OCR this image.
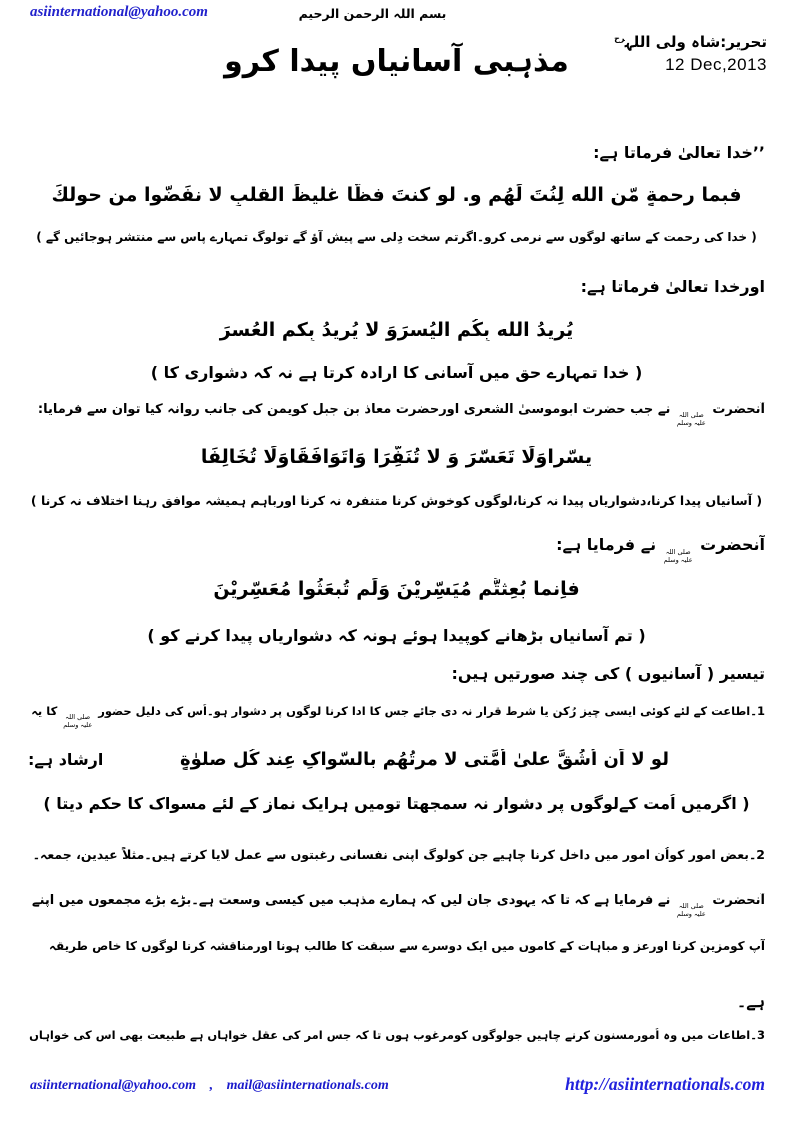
asiinternational@yahoo.com	بسم اللہ الرحمن الرحیم
تحریر:شاہ ولی اللہ$^{رح}$
12 Dec,2013
مذہبی آسانیاں پیدا کرو
’’خدا تعالیٰ فرماتا ہے:
فبما رحمةٍ مّن الله لِنُتَ لَهُم و. لو كنتَ فظًّا غليظَ القلبِ لا نفَضّوا من حولكَ
( خدا کی رحمت کے ساتھ لوگوں سے نرمی کرو۔اگرتم سخت دِلی سے پیش آؤ گے تولوگ تمہارے پاس سے منتشر ہوجائیں گے )
اورخدا تعالیٰ فرماتا ہے:
يُريدُ الله بِكُم اليُسرَوَ لا يُريدُ بِكم العُسرَ
( خدا تمہارے حق میں آسانی کا ارادہ کرتا ہے نہ کہ دشواری کا )
آنحضرت
صلی اللہ
علیہ وسلم
نے جب حضرت ابوموسیٰ الشعری اورحضرت معاذ بن جبل کویمن کی جانب روانہ کیا توان سے فرمایا:
يسّراوَلَا تَعَسّرَ وَ لا تُنَفِّرَا وَاتَوَافَقَاوَلَا تُخَالِفَا
( آسانیاں پیدا کرنا،دشواریاں پیدا نہ کرنا،لوگوں کوخوش کرنا متنفرہ نہ کرنا اورباہم ہمیشہ موافق رہنا اختلاف نہ کرنا )
آنحضرت
صلی اللہ
علیہ وسلم
نے فرمایا ہے:
فاِنما بُعِثتُّم مُيَسِّرِيْنَ وَلَم تُبعَثُوا مُعَسِّرِيْنَ
( تم آسانیاں بڑھانے کوپیدا ہوئے ہونہ کہ دشواریاں پیدا کرنے کو )
تیسیر ( آسانیوں ) کی چند صورتیں ہیں:
1۔اطاعت کے لئے کوئی ایسی چیز رُکن یا شرط قرار نہ دی جائے جس کا ادا کرنا لوگوں پر دشوار ہو۔اُس کی دلیل حضور
صلی اللہ
علیہ وسلم
کا یہ
ارشاد ہے:	لو لا اَن اُشُقَّ علیٰ اُمَّتی لا مرتُهُم بالسّواکِ عِند کُل صلوٰةٍ
( اگرمیں اُمت کےلوگوں پر دشوار نہ سمجھتا تومیں ہرایک نماز کے لئے مسواک کا حکم دیتا )
2۔بعض امور کواُن امور میں داخل کرنا چاہیے جن کولوگ اپنی نفسانی رغبتوں سے عمل لایا کرتے ہیں۔مثلاً عیدین، جمعہ۔
آنحضرت
صلی اللہ
علیہ وسلم
نے فرمایا ہے کہ تا کہ یہودی جان لیں کہ ہمارے مذہب میں کیسی وسعت ہے۔بڑے بڑے مجمعوں میں اپنے
آپ کومزین کرنا اورعز و مباہات کے کاموں میں ایک دوسرے سے سبقت کا طالب ہونا اورمناقشہ کرنا لوگوں کا خاص طریقہ
ہے۔
3۔اطاعات میں وہ اُمورمسنون کرنے چاہیں جولوگوں کومرغوب ہوں تا کہ جس امر کی عقل خواہاں ہے طبیعت بھی اس کی خواہاں
asiinternational@yahoo.com , mail@asiinternationals.com	http://asiinternationals.com
